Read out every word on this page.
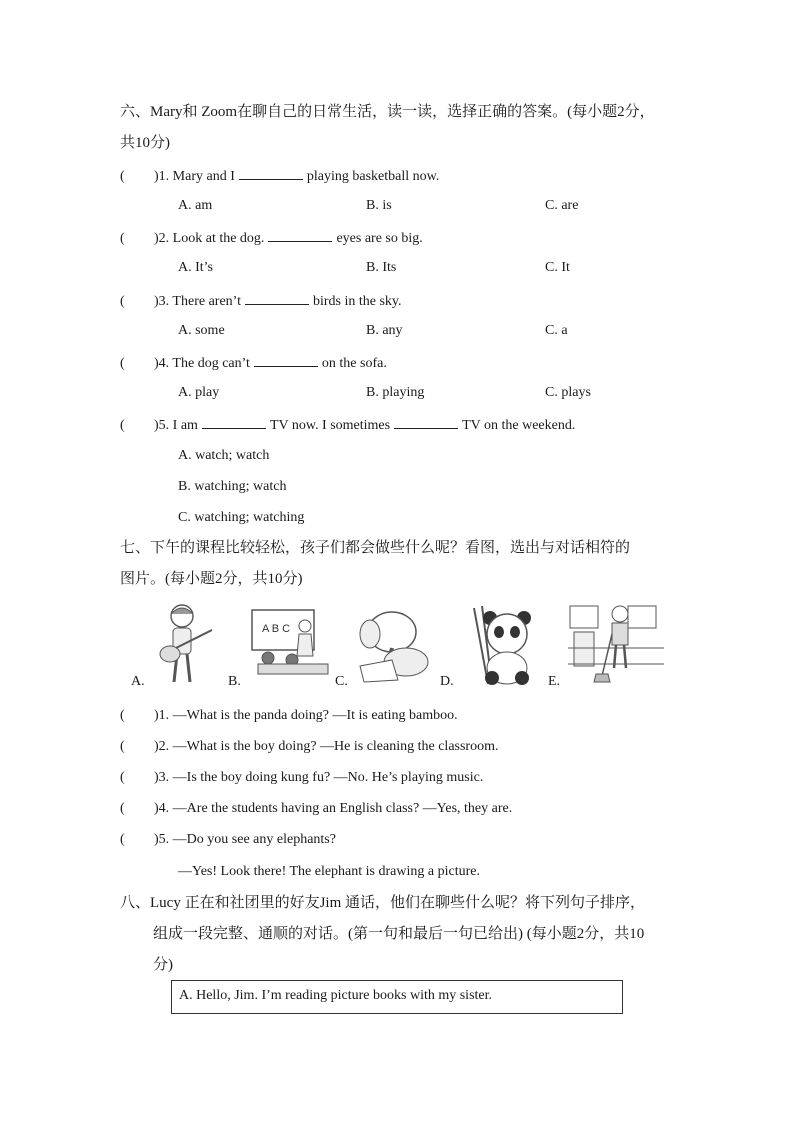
六、Mary和 Zoom在聊自己的日常生活，读一读，选择正确的答案。(每小题2分，
共10分)
( )1. Mary and I	playing basketball now.
A. am	B. is	C. are
( )2. Look at the dog.	eyes are so big.
A. It’s	B. Its	C. It
( )3. There aren’t	birds in the sky.
A. some	B. any	C. a
( )4. The dog can’t	on the sofa.
A. play	B. playing	C. plays
( )5. I am	TV now. I sometimes	TV on the weekend.
A. watch; watch
B. watching; watch
C. watching; watching
七、下午的课程比较轻松，孩子们都会做些什么呢？看图，选出与对话相符的
图片。(每小题2分，共10分)
A B C
A.	B.	C.	D.	E.
( )1. —What is the panda doing? —It is eating bamboo.
( )2. —What is the boy doing? —He is cleaning the classroom.
( )3. —Is the boy doing kung fu? —No. He’s playing music.
( )4. —Are the students having an English class? —Yes, they are.
( )5. —Do you see any elephants?
—Yes! Look there! The elephant is drawing a picture.
八、Lucy 正在和社团里的好友Jim 通话，他们在聊些什么呢？将下列句子排序，
组成一段完整、通顺的对话。(第一句和最后一句已给出) (每小题2分，共10
分)
A. Hello, Jim. I’m reading picture books with my sister.
